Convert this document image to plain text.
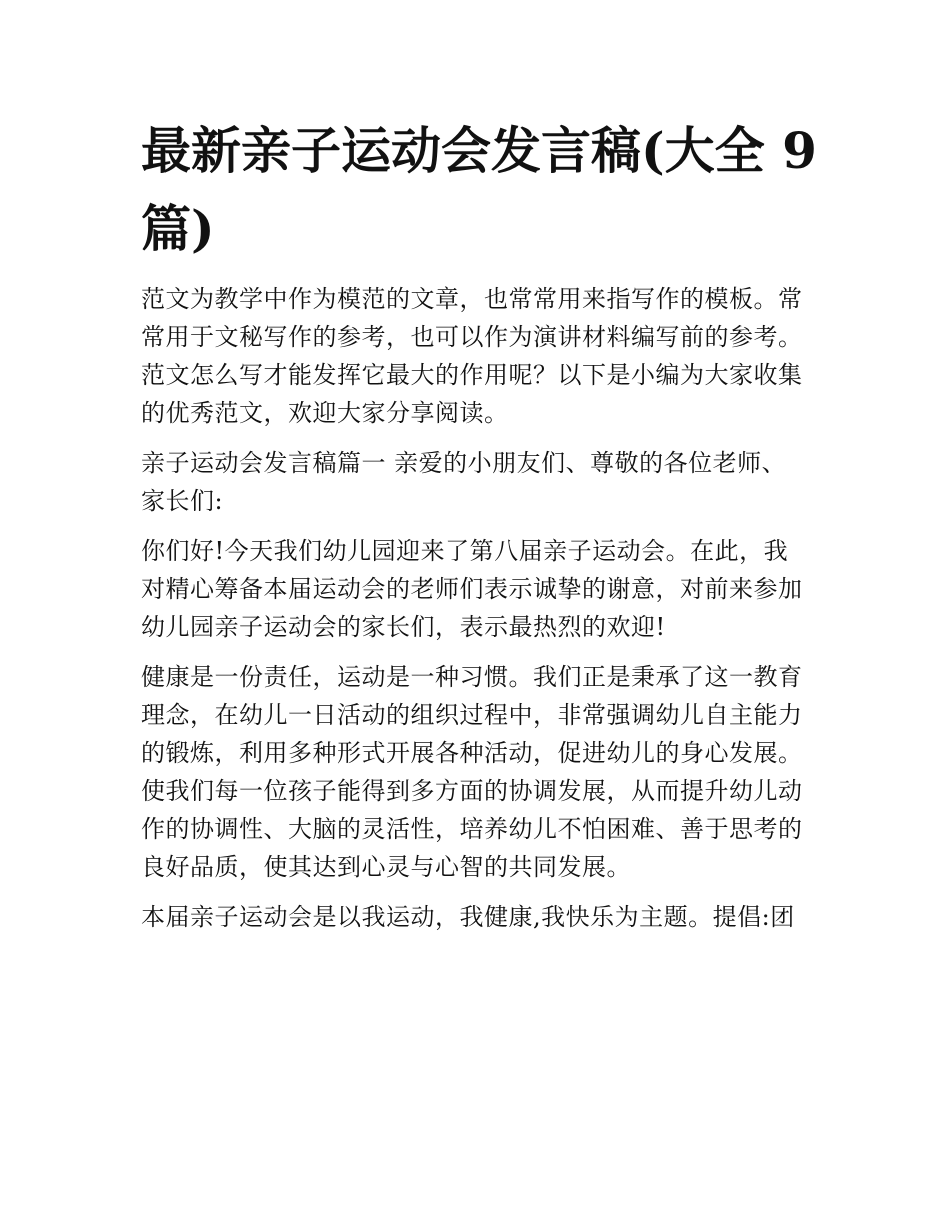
最新亲子运动会发言稿(大全 9
篇)

范文为教学中作为模范的文章，也常常用来指写作的模板。常
常用于文秘写作的参考，也可以作为演讲材料编写前的参考。
范文怎么写才能发挥它最大的作用呢？以下是小编为大家收集
的优秀范文，欢迎大家分享阅读。

亲子运动会发言稿篇一 亲爱的小朋友们、尊敬的各位老师、
家长们:

你们好!今天我们幼儿园迎来了第八届亲子运动会。在此，我
对精心筹备本届运动会的老师们表示诚挚的谢意，对前来参加
幼儿园亲子运动会的家长们，表示最热烈的欢迎!

健康是一份责任，运动是一种习惯。我们正是秉承了这一教育
理念，在幼儿一日活动的组织过程中，非常强调幼儿自主能力
的锻炼，利用多种形式开展各种活动，促进幼儿的身心发展。
使我们每一位孩子能得到多方面的协调发展，从而提升幼儿动
作的协调性、大脑的灵活性，培养幼儿不怕困难、善于思考的
良好品质，使其达到心灵与心智的共同发展。

本届亲子运动会是以我运动，我健康,我快乐为主题。提倡:团
